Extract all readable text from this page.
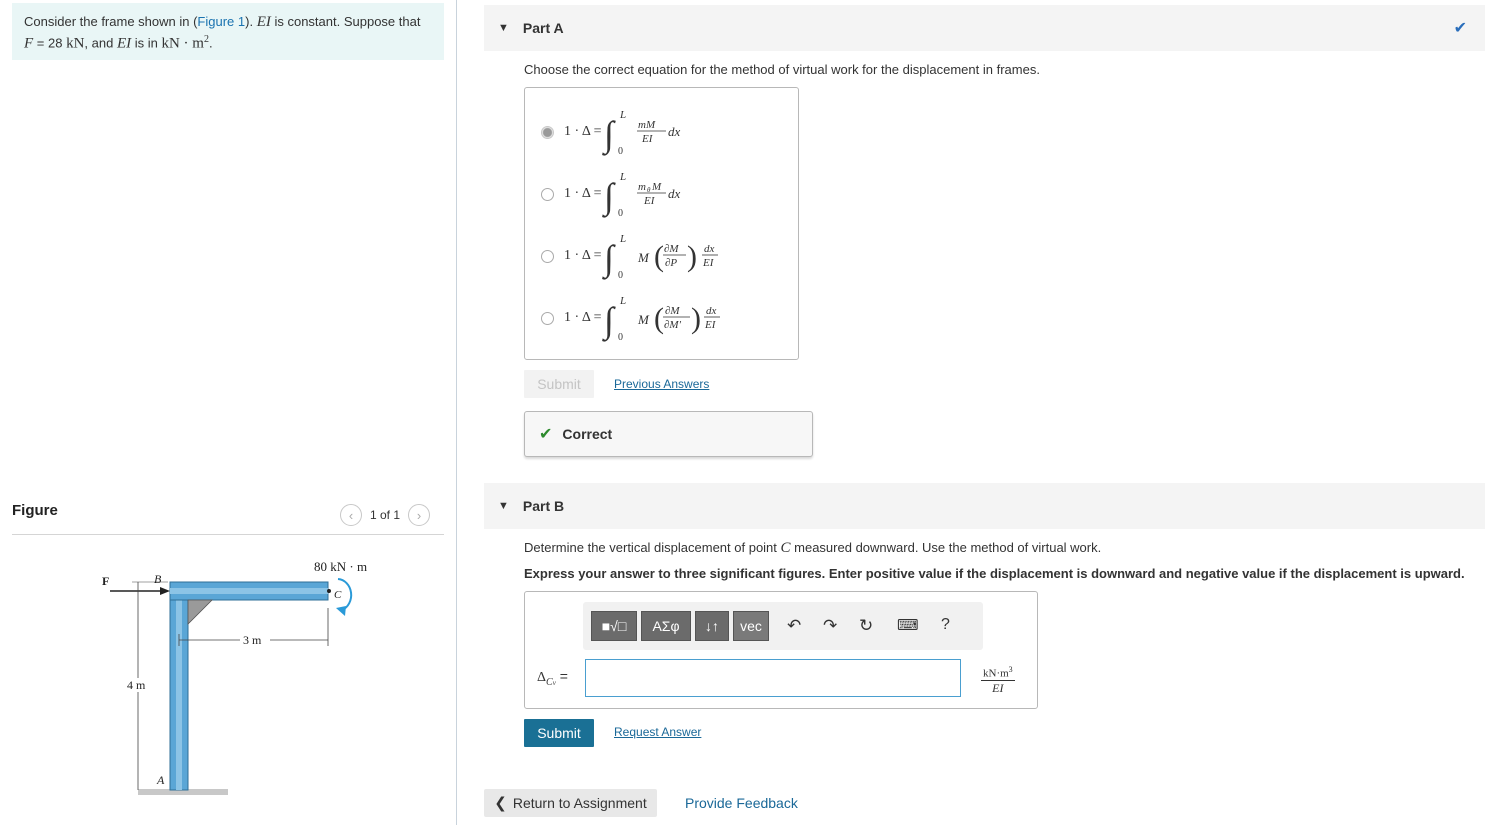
Consider the frame shown in (Figure 1). EI is constant. Suppose that
F = 28 kN, and EI is in kN · $m^2$.
Figure	‹ 1 of 1 ›
F	B
80 kN · m
C
3 m
4 m
A
▼ Part A	✔
Choose the correct equation for the method of virtual work for the displacement in frames.
1 · Δ = ∫ L
0
mM
EI dx
1 · Δ = ∫ L
0
m θ M
EI dx
1 · Δ = ∫ L
0
M ( ∂M
∂P ) dx
EI
1 · Δ = ∫ L
0
M ( ∂M
∂M′ ) dx
EI
Submit	Previous Answers
✔ Correct
▼ Part B
Determine the vertical displacement of point C measured downward. Use the method of virtual work.
Express your answer to three significant figures. Enter positive value if the displacement is downward and negative value if the displacement is upward.
■√□	ΑΣφ	↓↑	vec	↶ ↷ ↻ ⌨ ?
$\Delta_{Cv}$ =	$kN\cdot m^3$
EI
Submit	Request Answer
❮ Return to Assignment	Provide Feedback
